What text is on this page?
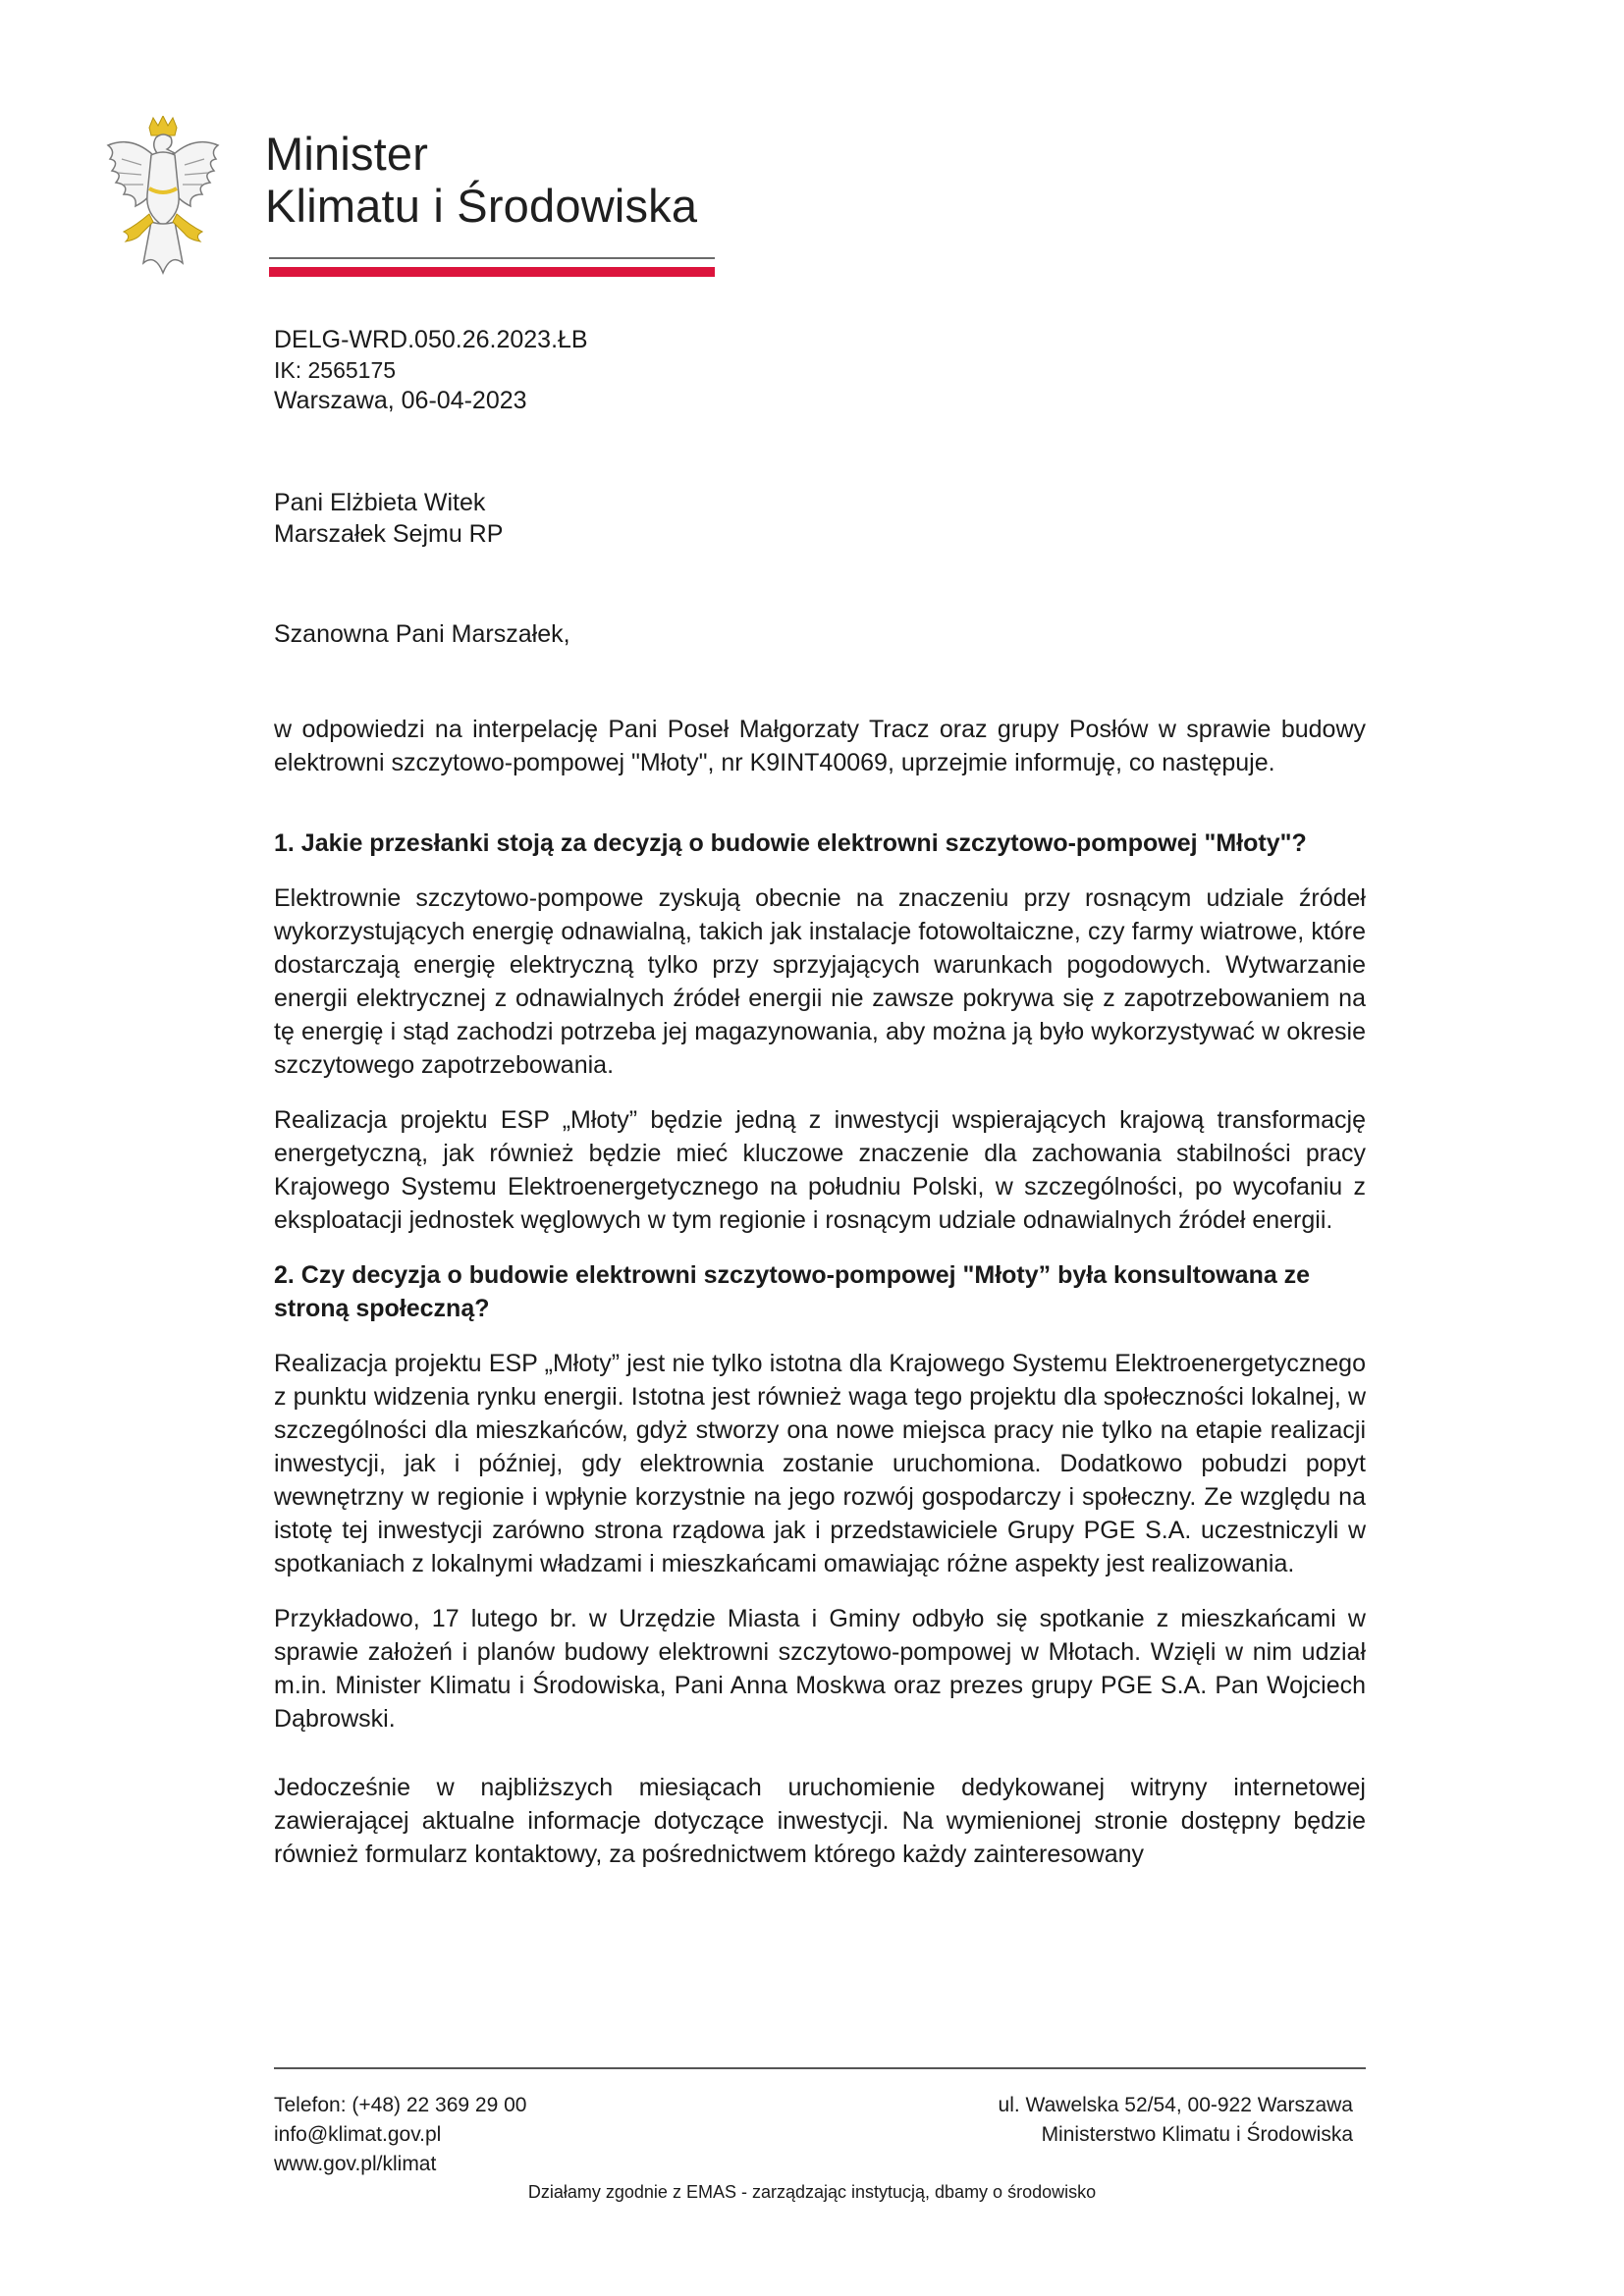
Minister
Klimatu i Środowiska
DELG-WRD.050.26.2023.ŁB
IK: 2565175
Warszawa, 06-04-2023
Pani Elżbieta Witek
Marszałek Sejmu RP
Szanowna Pani Marszałek,

w odpowiedzi na interpelację Pani Poseł Małgorzaty Tracz oraz grupy Posłów w sprawie budowy elektrowni szczytowo-pompowej "Młoty", nr K9INT40069, uprzejmie informuję, co następuje.

1. Jakie przesłanki stoją za decyzją o budowie elektrowni szczytowo-pompowej "Młoty"?

Elektrownie szczytowo-pompowe zyskują obecnie na znaczeniu przy rosnącym udziale źródeł wykorzystujących energię odnawialną, takich jak instalacje fotowoltaiczne, czy farmy wiatrowe, które dostarczają energię elektryczną tylko przy sprzyjających warunkach pogodowych. Wytwarzanie energii elektrycznej z odnawialnych źródeł energii nie zawsze pokrywa się z zapotrzebowaniem na tę energię i stąd zachodzi potrzeba jej magazynowania, aby można ją było wykorzystywać w okresie szczytowego zapotrzebowania.

Realizacja projektu ESP „Młoty” będzie jedną z inwestycji wspierających krajową transformację energetyczną, jak również będzie mieć kluczowe znaczenie dla zachowania stabilności pracy Krajowego Systemu Elektroenergetycznego na południu Polski, w szczególności, po wycofaniu z eksploatacji jednostek węglowych w tym regionie i rosnącym udziale odnawialnych źródeł energii.

2. Czy decyzja o budowie elektrowni szczytowo-pompowej "Młoty” była konsultowana ze stroną społeczną?

Realizacja projektu ESP „Młoty” jest nie tylko istotna dla Krajowego Systemu Elektroenergetycznego z punktu widzenia rynku energii. Istotna jest również waga tego projektu dla społeczności lokalnej, w szczególności dla mieszkańców, gdyż stworzy ona nowe miejsca pracy nie tylko na etapie realizacji inwestycji, jak i później, gdy elektrownia zostanie uruchomiona. Dodatkowo pobudzi popyt wewnętrzny w regionie i wpłynie korzystnie na jego rozwój gospodarczy i społeczny. Ze względu na istotę tej inwestycji zarówno strona rządowa jak i przedstawiciele Grupy PGE S.A. uczestniczyli w spotkaniach z lokalnymi władzami i mieszkańcami omawiając różne aspekty jest realizowania.

Przykładowo, 17 lutego br. w Urzędzie Miasta i Gminy odbyło się spotkanie z mieszkańcami w sprawie założeń i planów budowy elektrowni szczytowo-pompowej w Młotach. Wzięli w nim udział m.in. Minister Klimatu i Środowiska, Pani Anna Moskwa oraz prezes grupy PGE S.A. Pan Wojciech Dąbrowski.

Jedocześnie w najbliższych miesiącach uruchomienie dedykowanej witryny internetowej zawierającej aktualne informacje dotyczące inwestycji. Na wymienionej stronie dostępny będzie również formularz kontaktowy, za pośrednictwem którego każdy zainteresowany

Telefon: (+48) 22 369 29 00
info@klimat.gov.pl
www.gov.pl/klimat
ul. Wawelska 52/54, 00-922 Warszawa
Ministerstwo Klimatu i Środowiska
Działamy zgodnie z EMAS - zarządzając instytucją, dbamy o środowisko
